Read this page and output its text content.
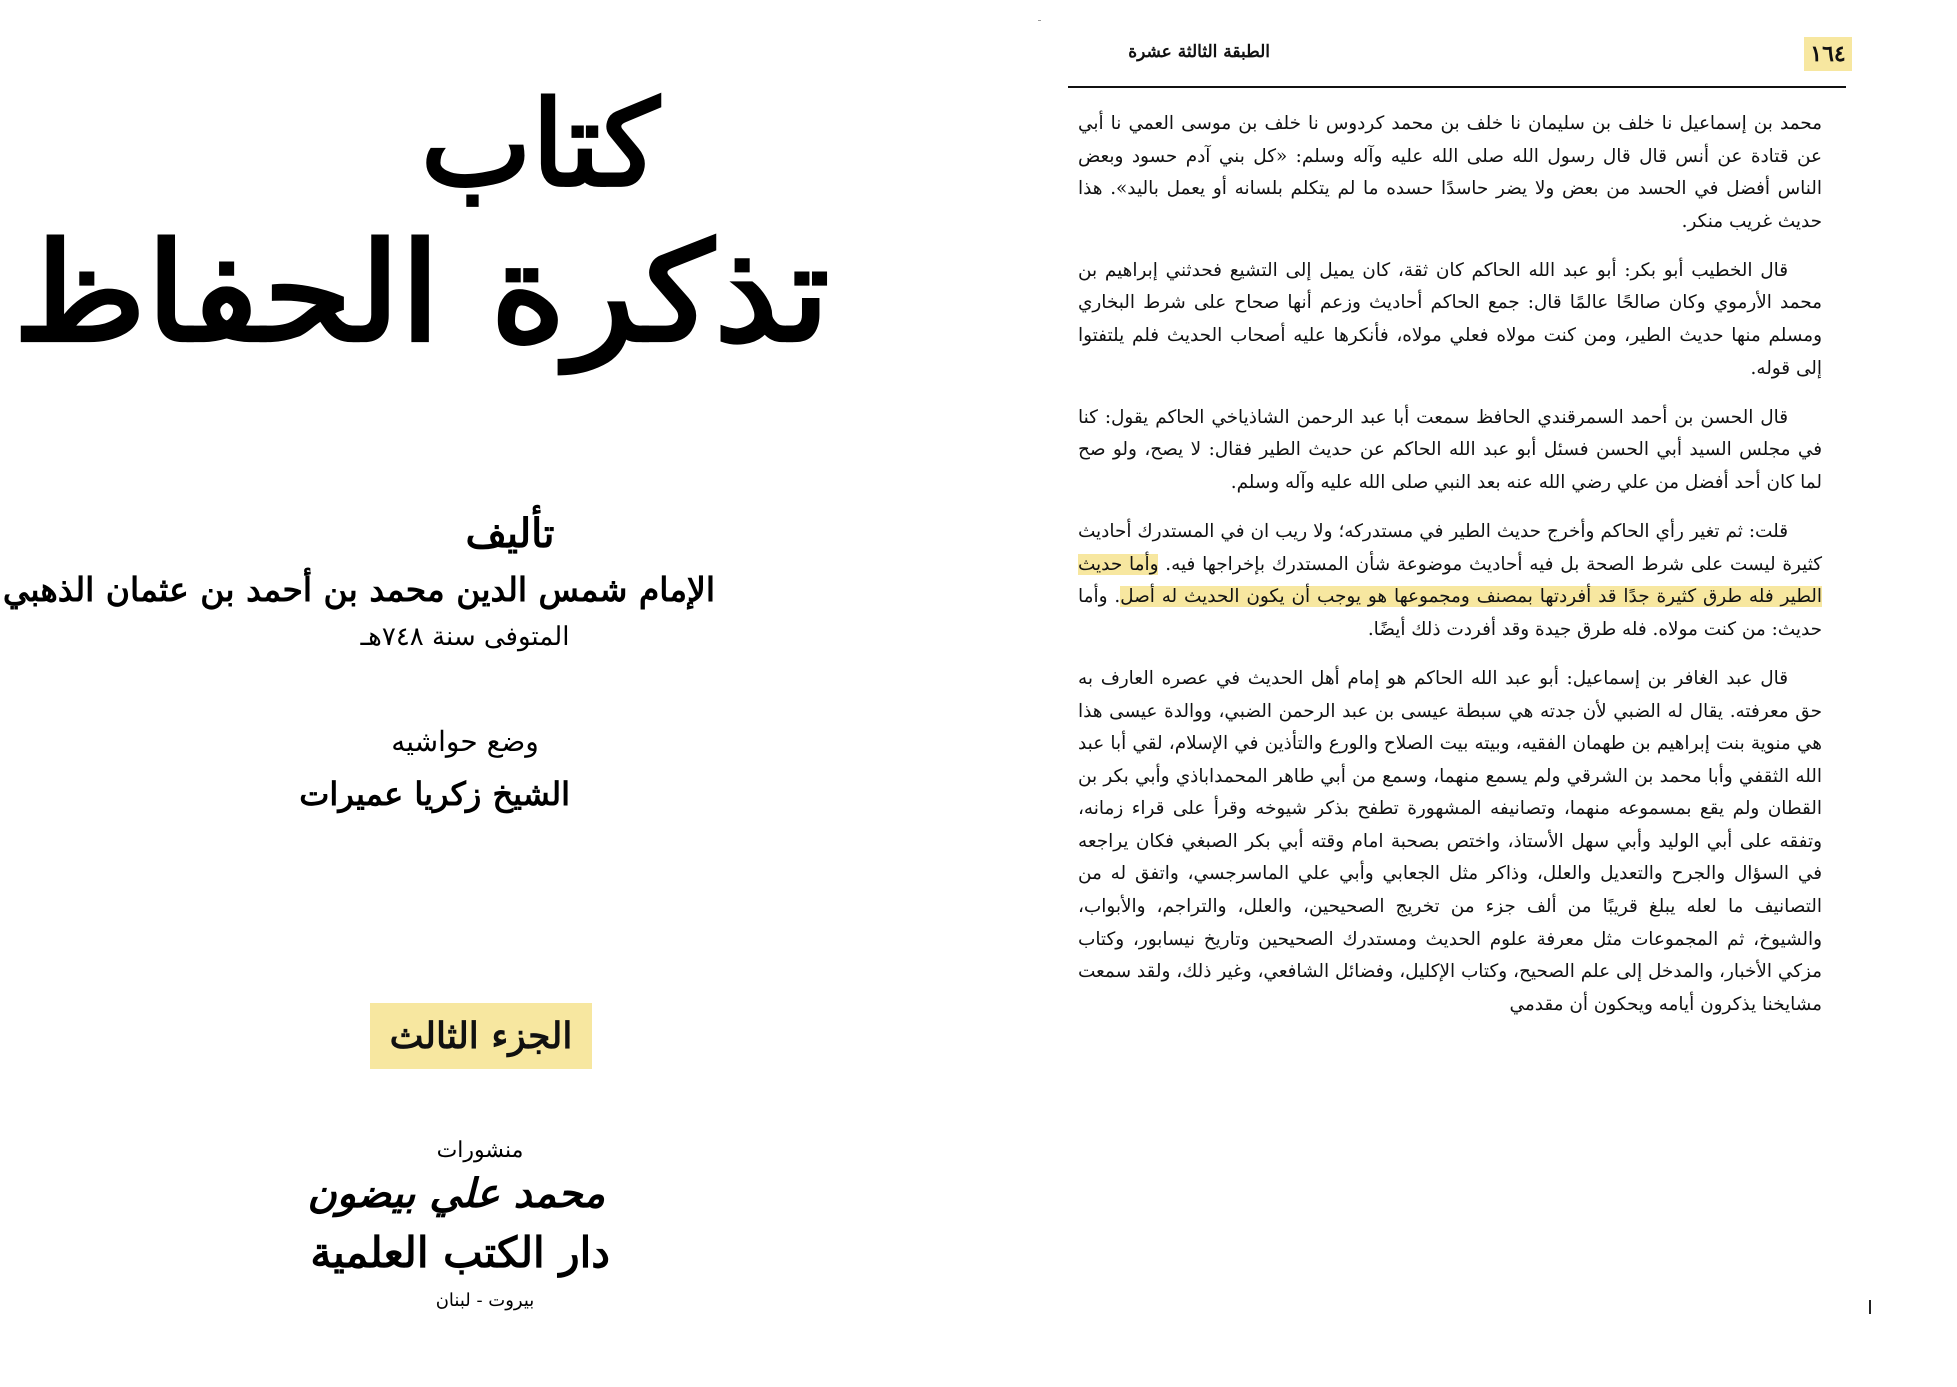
كتاب
تذكرة الحفاظ
تأليف
الإمام شمس الدين محمد بن أحمد بن عثمان الذهبي
المتوفى سنة ٧٤٨هـ
وضع حواشيه
الشيخ زكريا عميرات
الجزء الثالث
منشورات
محمد علي بيضون
دار الكتب العلمية
بيروت - لبنان
١٦٤
الطبقة الثالثة عشرة

محمد بن إسماعيل نا خلف بن سليمان نا خلف بن محمد كردوس نا خلف بن موسى العمي نا أبي عن قتادة عن أنس قال قال رسول الله صلى الله عليه وآله وسلم: «كل بني آدم حسود وبعض الناس أفضل في الحسد من بعض ولا يضر حاسدًا حسده ما لم يتكلم بلسانه أو يعمل باليد». هذا حديث غريب منكر.

قال الخطيب أبو بكر: أبو عبد الله الحاكم كان ثقة، كان يميل إلى التشيع فحدثني إبراهيم بن محمد الأرموي وكان صالحًا عالمًا قال: جمع الحاكم أحاديث وزعم أنها صحاح على شرط البخاري ومسلم منها حديث الطير، ومن كنت مولاه فعلي مولاه، فأنكرها عليه أصحاب الحديث فلم يلتفتوا إلى قوله.

قال الحسن بن أحمد السمرقندي الحافظ سمعت أبا عبد الرحمن الشاذياخي الحاكم يقول: كنا في مجلس السيد أبي الحسن فسئل أبو عبد الله الحاكم عن حديث الطير فقال: لا يصح، ولو صح لما كان أحد أفضل من علي رضي الله عنه بعد النبي صلى الله عليه وآله وسلم.

قلت: ثم تغير رأي الحاكم وأخرج حديث الطير في مستدركه؛ ولا ريب ان في المستدرك أحاديث كثيرة ليست على شرط الصحة بل فيه أحاديث موضوعة شأن المستدرك بإخراجها فيه. وأما حديث الطير فله طرق كثيرة جدًا قد أفردتها بمصنف ومجموعها هو يوجب أن يكون الحديث له أصل. وأما حديث: من كنت مولاه. فله طرق جيدة وقد أفردت ذلك أيضًا.

قال عبد الغافر بن إسماعيل: أبو عبد الله الحاكم هو إمام أهل الحديث في عصره العارف به حق معرفته. يقال له الضبي لأن جدته هي سبطة عيسى بن عبد الرحمن الضبي، ووالدة عيسى هذا هي منوية بنت إبراهيم بن طهمان الفقيه، وبيته بيت الصلاح والورع والتأذين في الإسلام، لقي أبا عبد الله الثقفي وأبا محمد بن الشرقي ولم يسمع منهما، وسمع من أبي طاهر المحمداباذي وأبي بكر بن القطان ولم يقع بمسموعه منهما، وتصانيفه المشهورة تطفح بذكر شيوخه وقرأ على قراء زمانه، وتفقه على أبي الوليد وأبي سهل الأستاذ، واختص بصحبة امام وقته أبي بكر الصبغي فكان يراجعه في السؤال والجرح والتعديل والعلل، وذاكر مثل الجعابي وأبي علي الماسرجسي، واتفق له من التصانيف ما لعله يبلغ قريبًا من ألف جزء من تخريج الصحيحين، والعلل، والتراجم، والأبواب، والشيوخ، ثم المجموعات مثل معرفة علوم الحديث ومستدرك الصحيحين وتاريخ نيسابور، وكتاب مزكي الأخبار، والمدخل إلى علم الصحيح، وكتاب الإكليل، وفضائل الشافعي، وغير ذلك، ولقد سمعت مشايخنا يذكرون أيامه ويحكون أن مقدمي
